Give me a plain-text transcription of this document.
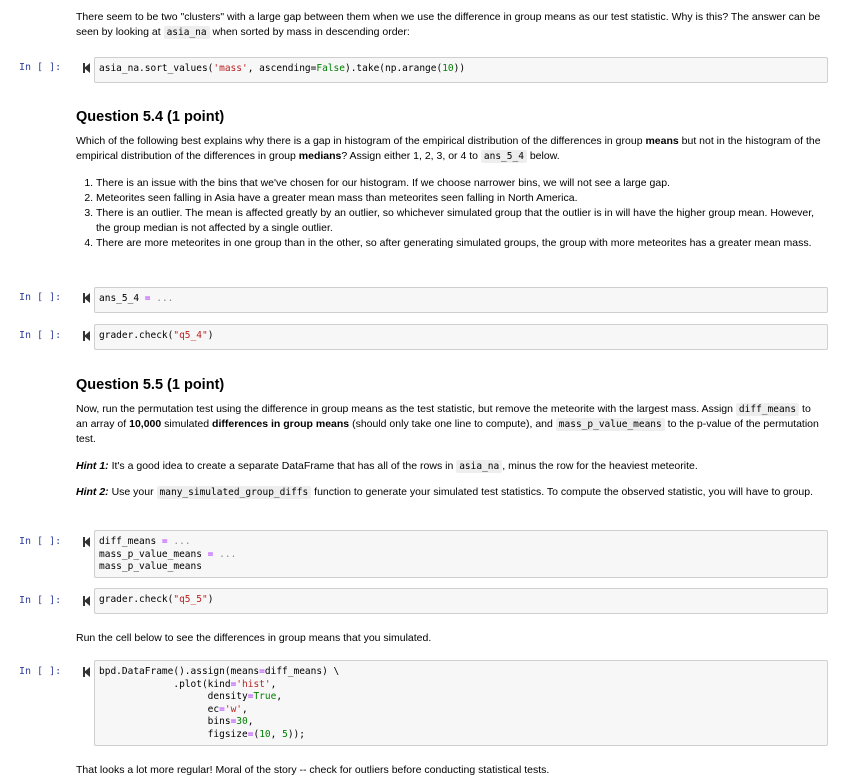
There seem to be two "clusters" with a large gap between them when we use the difference in group means as our test statistic. Why is this? The answer can be seen by looking at asia_na when sorted by mass in descending order:
In [ ]:	asia_na.sort_values('mass', ascending=False).take(np.arange(10))
Question 5.4 (1 point)
Which of the following best explains why there is a gap in histogram of the empirical distribution of the differences in group means but not in the histogram of the empirical distribution of the differences in group medians? Assign either 1, 2, 3, or 4 to ans_5_4 below.
1. There is an issue with the bins that we've chosen for our histogram. If we choose narrower bins, we will not see a large gap.
2. Meteorites seen falling in Asia have a greater mean mass than meteorites seen falling in North America.
3. There is an outlier. The mean is affected greatly by an outlier, so whichever simulated group that the outlier is in will have the higher group mean. However, the group median is not affected by a single outlier.
4. There are more meteorites in one group than in the other, so after generating simulated groups, the group with more meteorites has a greater mean mass.
In [ ]:	ans_5_4 = ...
In [ ]:	grader.check("q5_4")
Question 5.5 (1 point)
Now, run the permutation test using the difference in group means as the test statistic, but remove the meteorite with the largest mass. Assign diff_means to an array of 10,000 simulated differences in group means (should only take one line to compute), and mass_p_value_means to the p-value of the permutation test.
Hint 1: It's a good idea to create a separate DataFrame that has all of the rows in asia_na , minus the row for the heaviest meteorite.
Hint 2: Use your many_simulated_group_diffs function to generate your simulated test statistics. To compute the observed statistic, you will have to group.
In [ ]:	diff_means = ...
mass_p_value_means = ...
mass_p_value_means
In [ ]:	grader.check("q5_5")
Run the cell below to see the differences in group means that you simulated.
In [ ]:	bpd.DataFrame().assign(means=diff_means) \
.plot(kind='hist',
density=True,
ec='w',
bins=30,
figsize=(10, 5));
That looks a lot more regular! Moral of the story -- check for outliers before conducting statistical tests.
